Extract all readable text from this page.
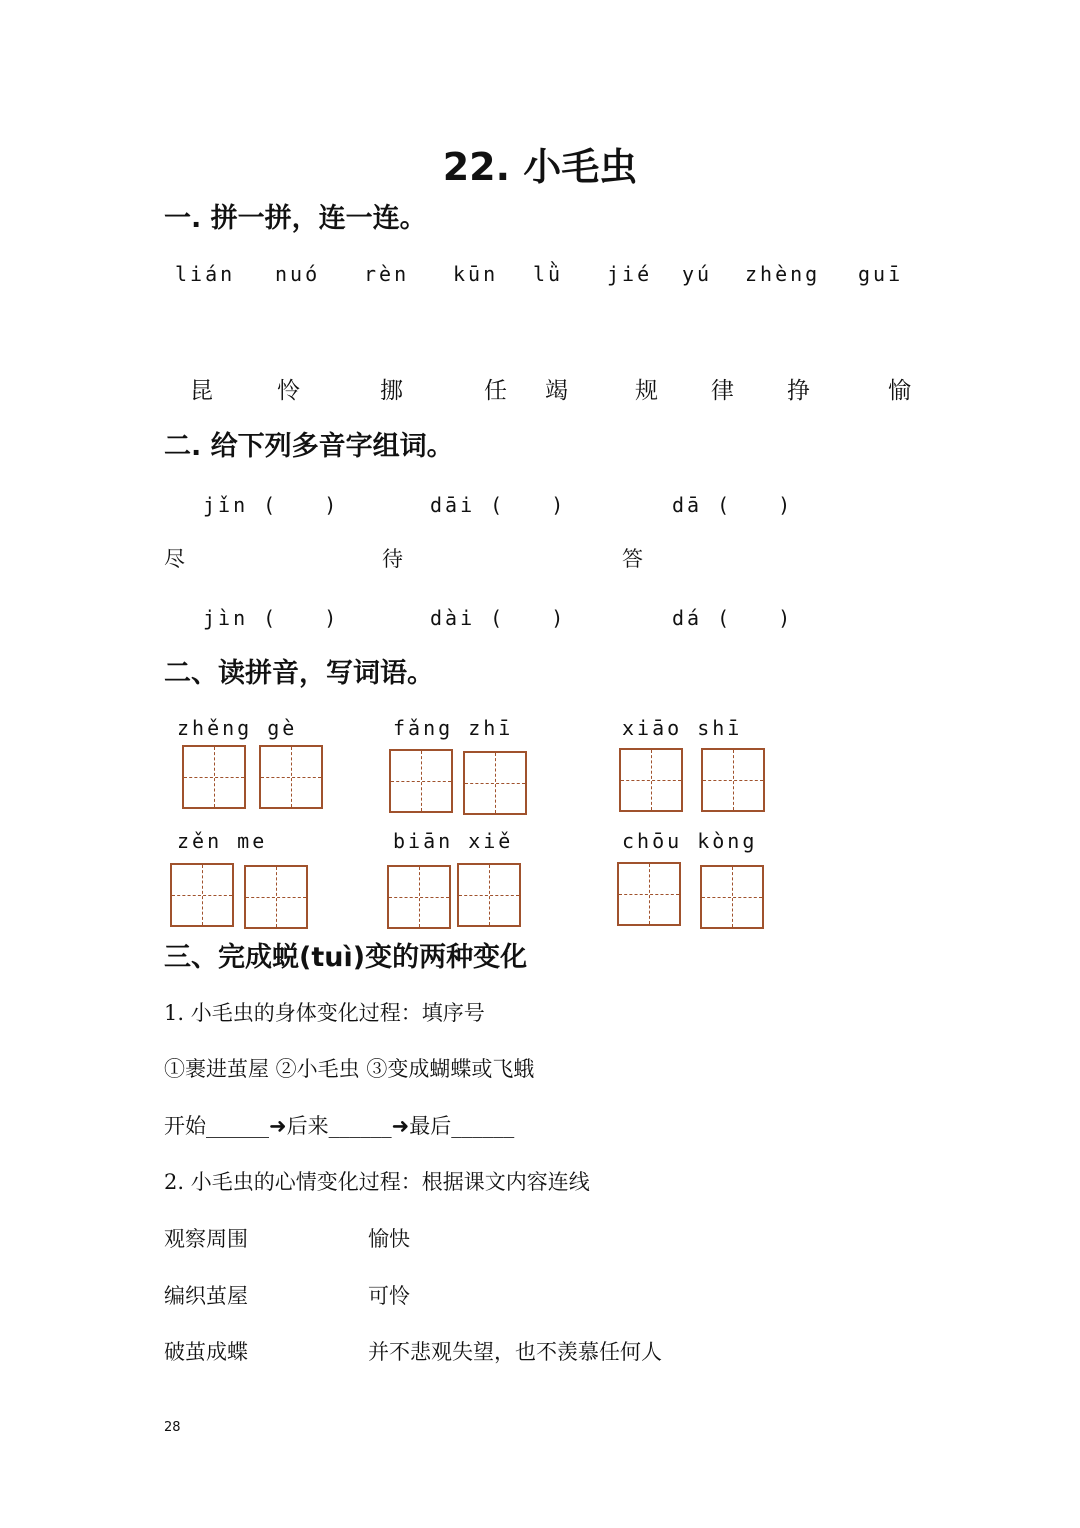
22. 小毛虫
一. 拼一拼，连一连。
lián nuó rèn kūn lǜ jié yú zhèng guī
昆	怜	挪	任 竭	规 律 挣	愉
二. 给下列多音字组词。
jǐn (　　)	dāi (　　)	dā (　　)
尽	待	答
jìn (　　)	dài (　　)	dá (　　)
二、读拼音，写词语。
zhěng gè	fǎng zhī	xiāo shī
zěn me	biān xiě	chōu kòng
三、完成蜕(tuì)变的两种变化
1. 小毛虫的身体变化过程：填序号
①裹进茧屋 ②小毛虫 ③变成蝴蝶或飞蛾
开始______➜后来______➜最后______
2. 小毛虫的心情变化过程：根据课文内容连线
观察周围	愉快
编织茧屋	可怜
破茧成蝶	并不悲观失望，也不羡慕任何人
28
